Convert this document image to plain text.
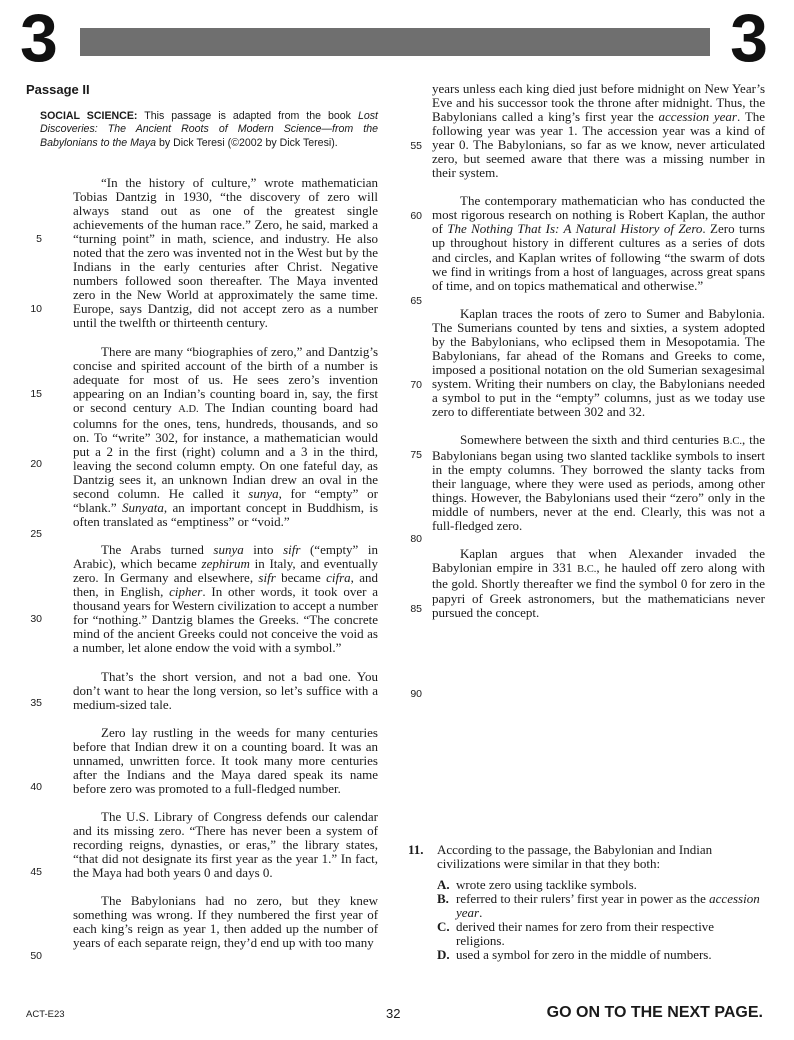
3	3
Passage II
SOCIAL SCIENCE: This passage is adapted from the book Lost Discoveries: The Ancient Roots of Modern Science—from the Babylonians to the Maya by Dick Teresi (©2002 by Dick Teresi).

“In the history of culture,” wrote mathematician Tobias Dantzig in 1930, “the discovery of zero will always stand out as one of the greatest single achievements of the human race.” Zero, he said, marked a “turning point” in math, science, and industry. He also noted that the zero was invented not in the West but by the Indians in the early centuries after Christ. Negative numbers followed soon thereafter. The Maya invented zero in the New World at approximately the same time. Europe, says Dantzig, did not accept zero as a number until the twelfth or thirteenth century.

There are many “biographies of zero,” and Dantzig’s concise and spirited account of the birth of a number is adequate for most of us. He sees zero’s invention appearing on an Indian’s counting board in, say, the first or second century A.D. The Indian counting board had columns for the ones, tens, hundreds, thousands, and so on. To “write” 302, for instance, a mathematician would put a 2 in the first (right) column and a 3 in the third, leaving the second column empty. On one fateful day, as Dantzig sees it, an unknown Indian drew an oval in the second column. He called it sunya, for “empty” or “blank.” Sunyata, an important concept in Buddhism, is often translated as “emptiness” or “void.”

The Arabs turned sunya into sifr (“empty” in Arabic), which became zephirum in Italy, and eventually zero. In Germany and elsewhere, sifr became cifra, and then, in English, cipher. In other words, it took over a thousand years for Western civilization to accept a number for “nothing.” Dantzig blames the Greeks. “The concrete mind of the ancient Greeks could not conceive the void as a number, let alone endow the void with a symbol.”

That’s the short version, and not a bad one. You don’t want to hear the long version, so let’s suffice with a medium-sized tale.

Zero lay rustling in the weeds for many centuries before that Indian drew it on a counting board. It was an unnamed, unwritten force. It took many more centuries after the Indians and the Maya dared speak its name before zero was promoted to a full-fledged number.

The U.S. Library of Congress defends our calendar and its missing zero. “There has never been a system of recording reigns, dynasties, or eras,” the library states, “that did not designate its first year as the year 1.” In fact, the Maya had both years 0 and days 0.

The Babylonians had no zero, but they knew something was wrong. If they numbered the first year of each king’s reign as year 1, then added up the number of years of each separate reign, they’d end up with too many

years unless each king died just before midnight on New Year’s Eve and his successor took the throne after midnight. Thus, the Babylonians called a king’s first year the accession year. The following year was year 1. The accession year was a kind of year 0. The Babylonians, so far as we know, never articulated zero, but seemed aware that there was a missing number in their system.

The contemporary mathematician who has conducted the most rigorous research on nothing is Robert Kaplan, the author of The Nothing That Is: A Natural History of Zero. Zero turns up throughout history in different cultures as a series of dots and circles, and Kaplan writes of following “the swarm of dots we find in writings from a host of languages, across great spans of time, and on topics mathematical and otherwise.”

Kaplan traces the roots of zero to Sumer and Babylonia. The Sumerians counted by tens and sixties, a system adopted by the Babylonians, who eclipsed them in Mesopotamia. The Babylonians, far ahead of the Romans and Greeks to come, imposed a positional notation on the old Sumerian sexagesimal system. Writing their numbers on clay, the Babylonians needed a symbol to put in the “empty” columns, just as we today use zero to differentiate between 302 and 32.

Somewhere between the sixth and third centuries B.C., the Babylonians began using two slanted tacklike symbols to insert in the empty columns. They borrowed the slanty tacks from their language, where they were used as periods, among other things. However, the Babylonians used their “zero” only in the middle of numbers, never at the end. Clearly, this was not a full-fledged zero.

Kaplan argues that when Alexander invaded the Babylonian empire in 331 B.C., he hauled off zero along with the gold. Shortly thereafter we find the symbol 0 for zero in the papyri of Greek astronomers, but the mathematicians never pursued the concept.

5
10
15
20
25
30
35
40
45
50
55
60
65
70
75
80
85
90
11. According to the passage, the Babylonian and Indian civilizations were similar in that they both:
A. wrote zero using tacklike symbols.
B. referred to their rulers’ first year in power as the accession year.
C. derived their names for zero from their respective religions.
D. used a symbol for zero in the middle of numbers.
ACT-E23	32	GO ON TO THE NEXT PAGE.
